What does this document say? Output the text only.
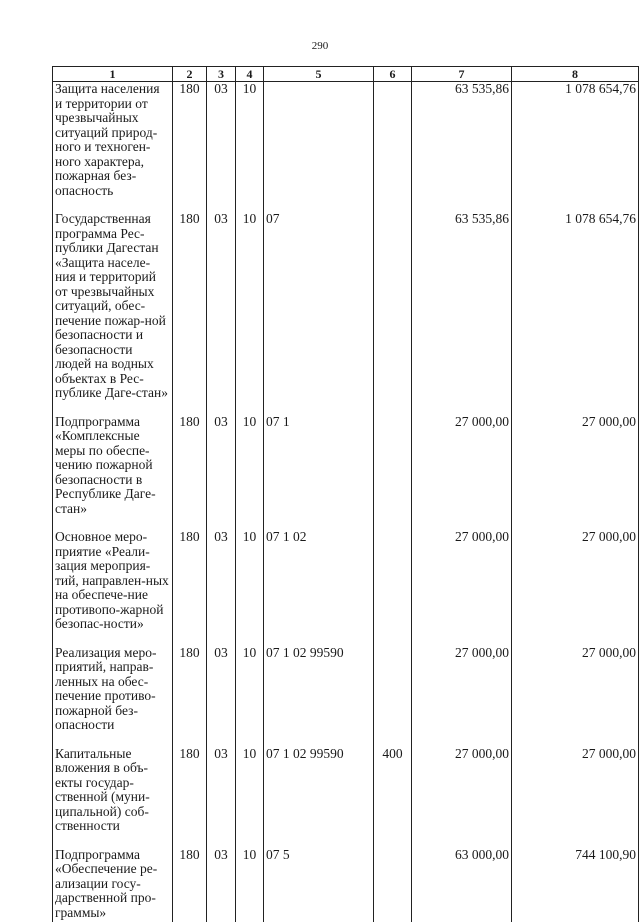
290
1	2	3	4	5	6	7	8
Защита населения и территории от чрезвычайных ситуаций природ-ного и техноген-ного характера, пожарная без-опасность	180	03	10			63 535,86	1 078 654,76
Государственная программа Рес-публики Дагестан «Защита населе-ния и территорий от чрезвычайных ситуаций, обес-печение пожар-ной безопасности и безопасности людей на водных объектах в Рес-публике Даге-стан»	180	03	10	07		63 535,86	1 078 654,76
Подпрограмма «Комплексные меры по обеспе-чению пожарной безопасности в Республике Даге-стан»	180	03	10	07 1		27 000,00	27 000,00
Основное меро-приятие «Реали-зация мероприя-тий, направлен-ных на обеспече-ние противопо-жарной безопас-ности»	180	03	10	07 1 02		27 000,00	27 000,00
Реализация меро-приятий, направ-ленных на обес-печение противо-пожарной без-опасности	180	03	10	07 1 02 99590		27 000,00	27 000,00
Капитальные вложения в объ-екты государ-ственной (муни-ципальной) соб-ственности	180	03	10	07 1 02 99590	400	27 000,00	27 000,00
Подпрограмма «Обеспечение ре-ализации госу-дарственной про-граммы»	180	03	10	07 5		63 000,00	744 100,90
